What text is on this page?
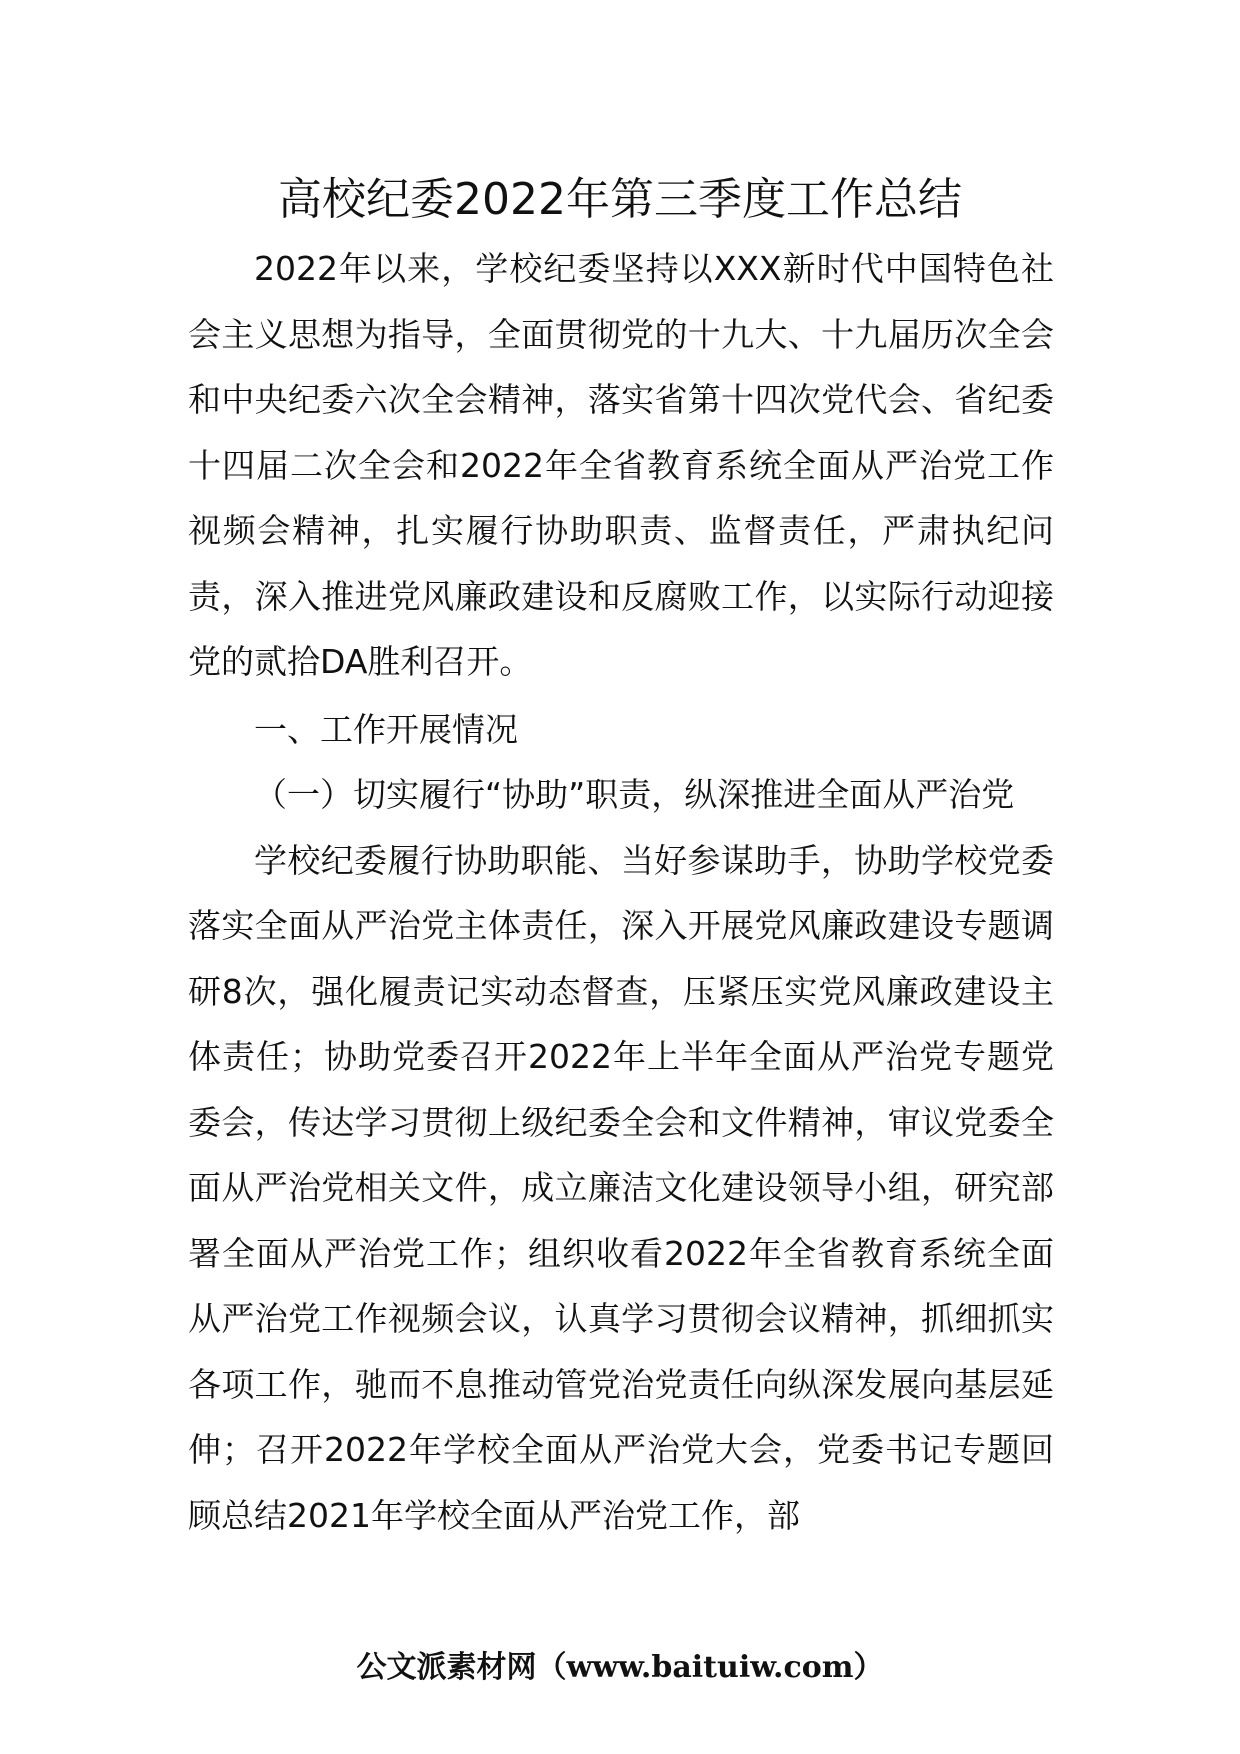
高校纪委2022年第三季度工作总结

2022年以来，学校纪委坚持以XXX新时代中国特色社会主义思想为指导，全面贯彻党的十九大、十九届历次全会和中央纪委六次全会精神，落实省第十四次党代会、省纪委十四届二次全会和2022年全省教育系统全面从严治党工作视频会精神，扎实履行协助职责、监督责任，严肃执纪问责，深入推进党风廉政建设和反腐败工作，以实际行动迎接党的贰拾DA胜利召开。

一、工作开展情况

（一）切实履行“协助”职责，纵深推进全面从严治党

学校纪委履行协助职能、当好参谋助手，协助学校党委落实全面从严治党主体责任，深入开展党风廉政建设专题调研8次，强化履责记实动态督查，压紧压实党风廉政建设主体责任；协助党委召开2022年上半年全面从严治党专题党委会，传达学习贯彻上级纪委全会和文件精神，审议党委全面从严治党相关文件，成立廉洁文化建设领导小组，研究部署全面从严治党工作；组织收看2022年全省教育系统全面从严治党工作视频会议，认真学习贯彻会议精神，抓细抓实各项工作，驰而不息推动管党治党责任向纵深发展向基层延伸；召开2022年学校全面从严治党大会，党委书记专题回顾总结2021年学校全面从严治党工作，部

公文派素材网（www.baituiw.com）
